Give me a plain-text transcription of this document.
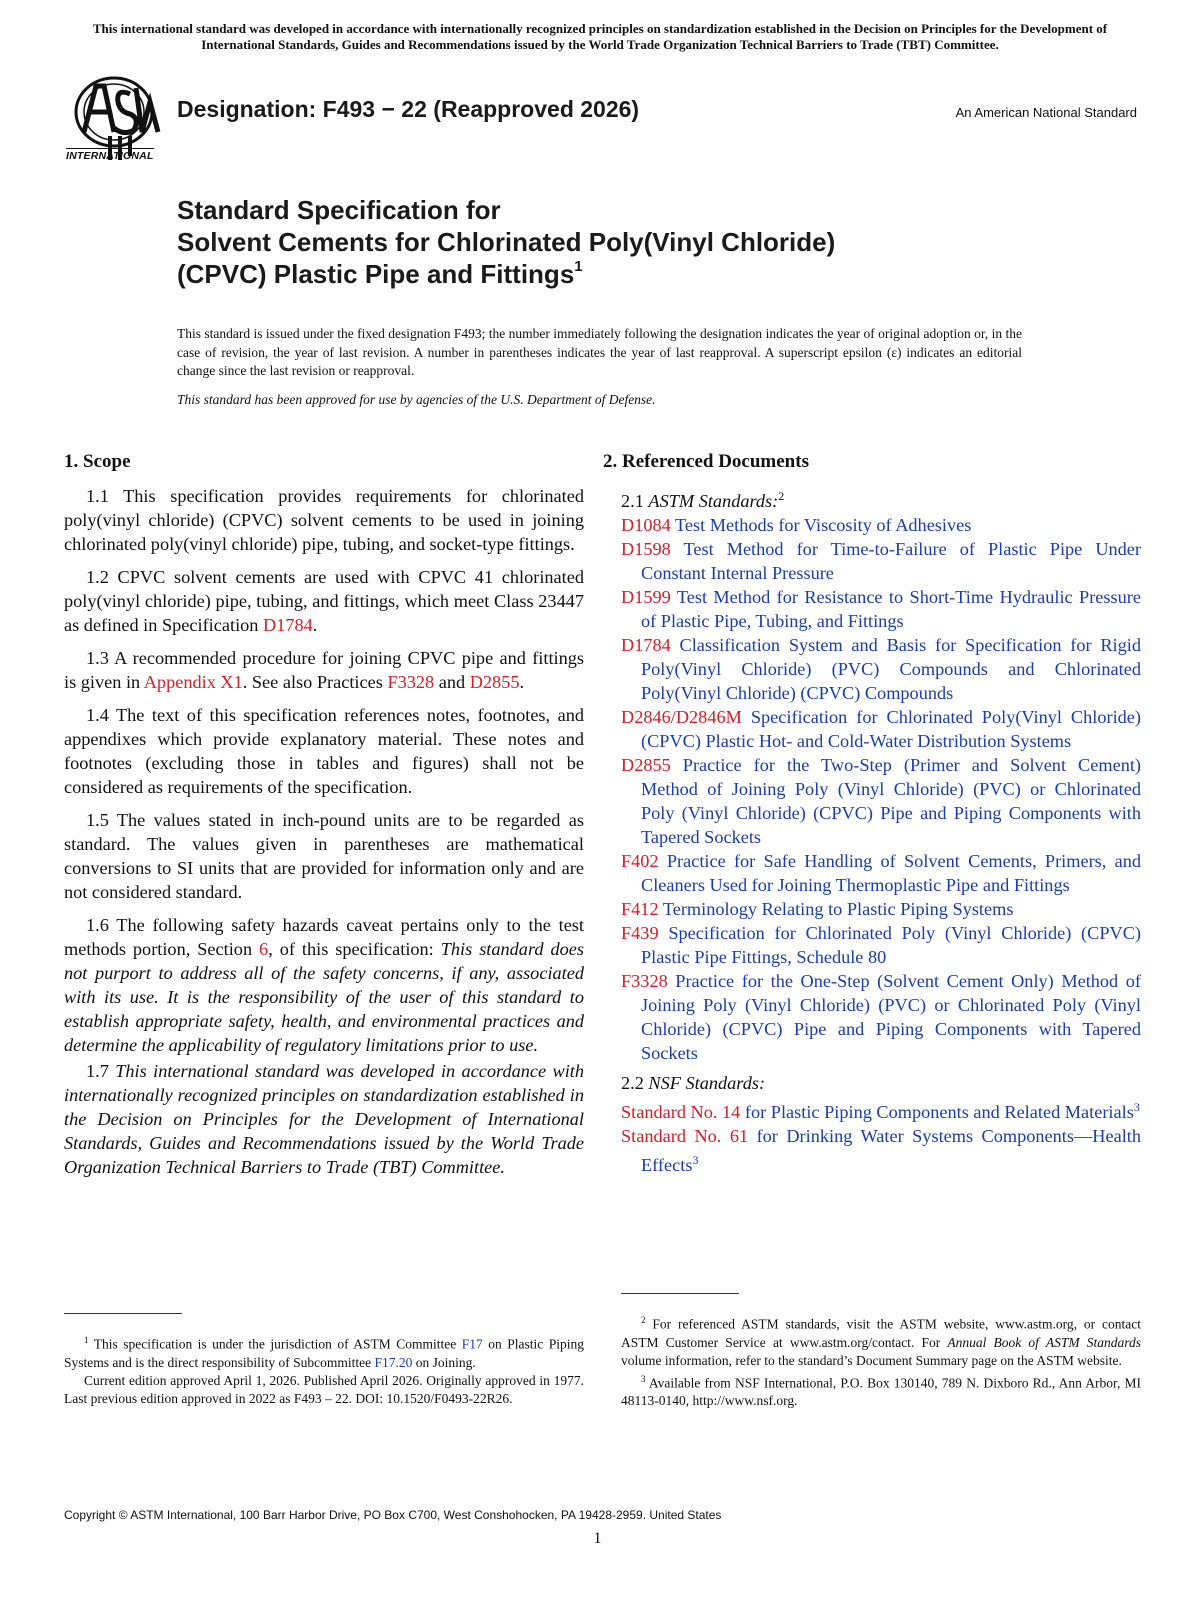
This international standard was developed in accordance with internationally recognized principles on standardization established in the Decision on Principles for the Development of International Standards, Guides and Recommendations issued by the World Trade Organization Technical Barriers to Trade (TBT) Committee.
INTERNATIONAL
Designation: F493 − 22 (Reapproved 2026)	An American National Standard
Standard Specification for
Solvent Cements for Chlorinated Poly(Vinyl Chloride)
(CPVC) Plastic Pipe and Fittings$^1$
This standard is issued under the fixed designation F493; the number immediately following the designation indicates the year of original adoption or, in the case of revision, the year of last revision. A number in parentheses indicates the year of last reapproval. A superscript epsilon (ε) indicates an editorial change since the last revision or reapproval.
This standard has been approved for use by agencies of the U.S. Department of Defense.
1. Scope

1.1 This specification provides requirements for chlorinated poly(vinyl chloride) (CPVC) solvent cements to be used in joining chlorinated poly(vinyl chloride) pipe, tubing, and socket-type fittings.

1.2 CPVC solvent cements are used with CPVC 41 chlorinated poly(vinyl chloride) pipe, tubing, and fittings, which meet Class 23447 as defined in Specification D1784.

1.3 A recommended procedure for joining CPVC pipe and fittings is given in Appendix X1. See also Practices F3328 and D2855.

1.4 The text of this specification references notes, footnotes, and appendixes which provide explanatory material. These notes and footnotes (excluding those in tables and figures) shall not be considered as requirements of the specification.

1.5 The values stated in inch-pound units are to be regarded as standard. The values given in parentheses are mathematical conversions to SI units that are provided for information only and are not considered standard.

1.6 The following safety hazards caveat pertains only to the test methods portion, Section 6, of this specification: This standard does not purport to address all of the safety concerns, if any, associated with its use. It is the responsibility of the user of this standard to establish appropriate safety, health, and environmental practices and determine the applicability of regulatory limitations prior to use.

1.7 This international standard was developed in accordance with internationally recognized principles on standardization established in the Decision on Principles for the Development of International Standards, Guides and Recommendations issued by the World Trade Organization Technical Barriers to Trade (TBT) Committee.

2. Referenced Documents

2.1 ASTM Standards:$^2$

D1084 Test Methods for Viscosity of Adhesives

D1598 Test Method for Time-to-Failure of Plastic Pipe Under Constant Internal Pressure

D1599 Test Method for Resistance to Short-Time Hydraulic Pressure of Plastic Pipe, Tubing, and Fittings

D1784 Classification System and Basis for Specification for Rigid Poly(Vinyl Chloride) (PVC) Compounds and Chlorinated Poly(Vinyl Chloride) (CPVC) Compounds

D2846/D2846M Specification for Chlorinated Poly(Vinyl Chloride) (CPVC) Plastic Hot- and Cold-Water Distribution Systems

D2855 Practice for the Two-Step (Primer and Solvent Cement) Method of Joining Poly (Vinyl Chloride) (PVC) or Chlorinated Poly (Vinyl Chloride) (CPVC) Pipe and Piping Components with Tapered Sockets

F402 Practice for Safe Handling of Solvent Cements, Primers, and Cleaners Used for Joining Thermoplastic Pipe and Fittings

F412 Terminology Relating to Plastic Piping Systems

F439 Specification for Chlorinated Poly (Vinyl Chloride) (CPVC) Plastic Pipe Fittings, Schedule 80

F3328 Practice for the One-Step (Solvent Cement Only) Method of Joining Poly (Vinyl Chloride) (PVC) or Chlorinated Poly (Vinyl Chloride) (CPVC) Pipe and Piping Components with Tapered Sockets

2.2 NSF Standards:

Standard No. 14 for Plastic Piping Components and Related Materials$^3$

Standard No. 61 for Drinking Water Systems Components—Health Effects$^3$

$^1$ This specification is under the jurisdiction of ASTM Committee F17 on Plastic Piping Systems and is the direct responsibility of Subcommittee F17.20 on Joining.
Current edition approved April 1, 2026. Published April 2026. Originally approved in 1977. Last previous edition approved in 2022 as F493 – 22. DOI: 10.1520/F0493-22R26.
$^2$ For referenced ASTM standards, visit the ASTM website, www.astm.org, or contact ASTM Customer Service at www.astm.org/contact. For Annual Book of ASTM Standards volume information, refer to the standard’s Document Summary page on the ASTM website.
$^3$ Available from NSF International, P.O. Box 130140, 789 N. Dixboro Rd., Ann Arbor, MI 48113-0140, http://www.nsf.org.
Copyright © ASTM International, 100 Barr Harbor Drive, PO Box C700, West Conshohocken, PA 19428-2959. United States
1
